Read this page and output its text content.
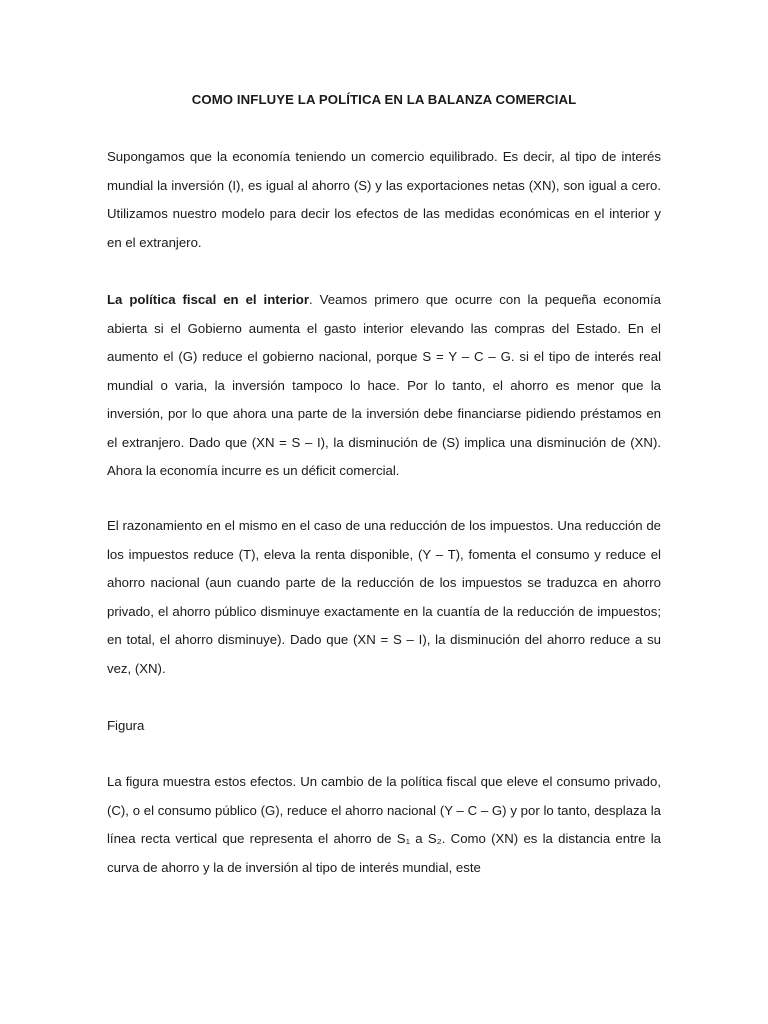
COMO INFLUYE LA POLÍTICA EN LA BALANZA COMERCIAL

Supongamos que la economía teniendo un comercio equilibrado. Es decir, al tipo de interés mundial la inversión (I), es igual al ahorro (S) y las exportaciones netas (XN), son igual a cero. Utilizamos nuestro modelo para decir los efectos de las medidas económicas en el interior y en el extranjero.

La política fiscal en el interior. Veamos primero que ocurre con la pequeña economía abierta si el Gobierno aumenta el gasto interior elevando las compras del Estado. En el aumento el (G) reduce el gobierno nacional, porque S = Y – C – G. si el tipo de interés real mundial o varia, la inversión tampoco lo hace. Por lo tanto, el ahorro es menor que la inversión, por lo que ahora una parte de la inversión debe financiarse pidiendo préstamos en el extranjero. Dado que (XN = S – I), la disminución de (S) implica una disminución de (XN). Ahora la economía incurre es un déficit comercial.

El razonamiento en el mismo en el caso de una reducción de los impuestos. Una reducción de los impuestos reduce (T), eleva la renta disponible, (Y – T), fomenta el consumo y reduce el ahorro nacional (aun cuando parte de la reducción de los impuestos se traduzca en ahorro privado, el ahorro público disminuye exactamente en la cuantía de la reducción de impuestos; en total, el ahorro disminuye). Dado que (XN = S – I), la disminución del ahorro reduce a su vez, (XN).

Figura

La figura muestra estos efectos. Un cambio de la política fiscal que eleve el consumo privado, (C), o el consumo público (G), reduce el ahorro nacional (Y – C – G) y por lo tanto, desplaza la línea recta vertical que representa el ahorro de S₁ a S₂. Como (XN) es la distancia entre la curva de ahorro y la de inversión al tipo de interés mundial, este
